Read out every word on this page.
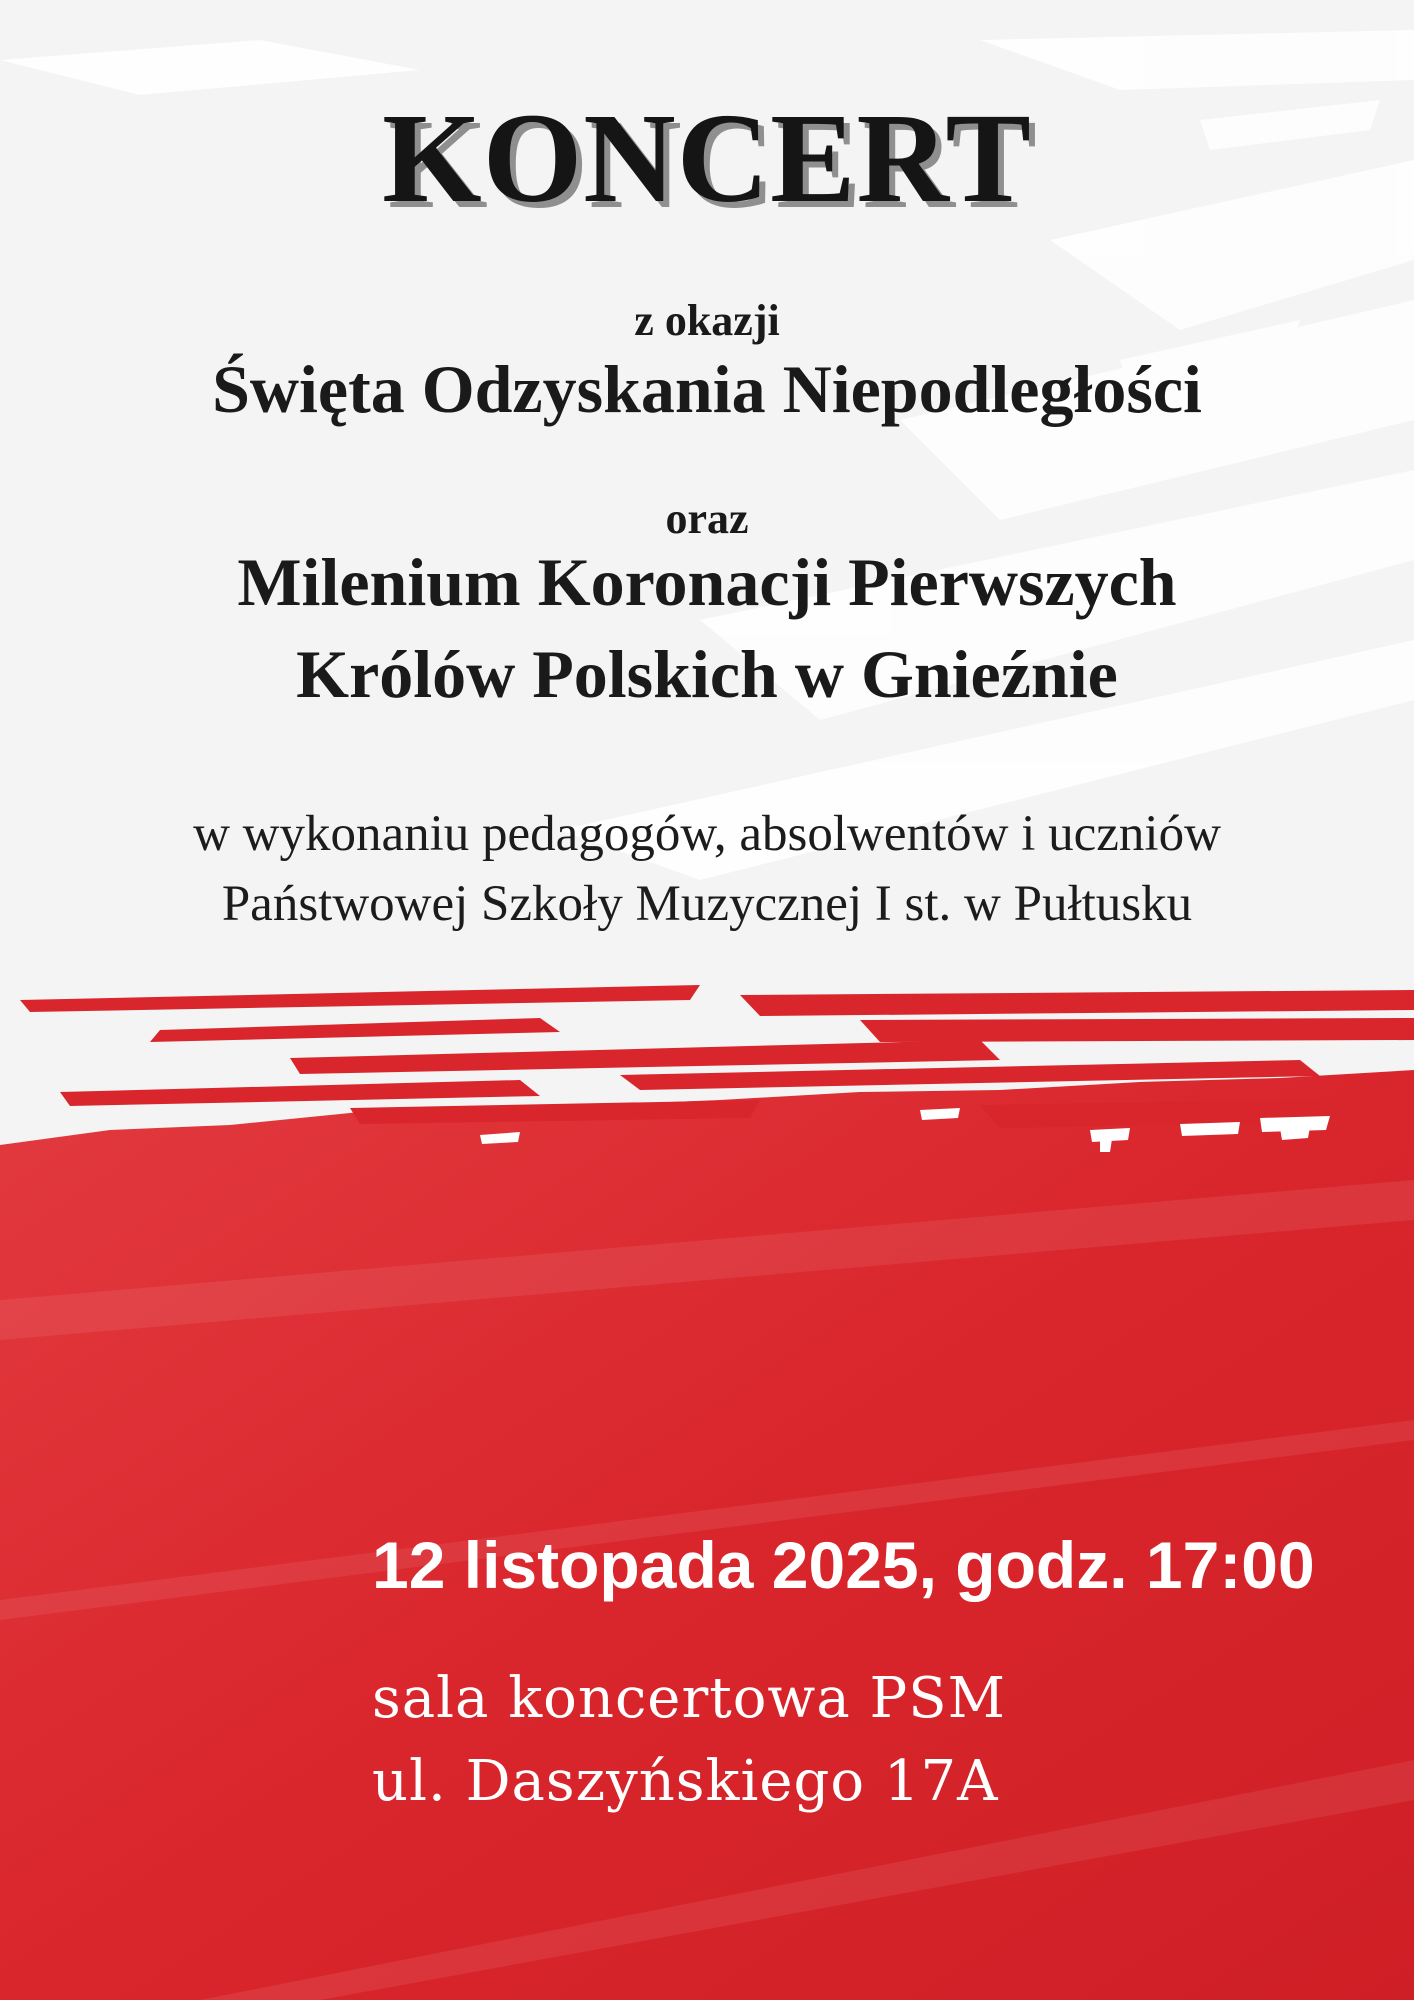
KONCERT

z okazji

Święta Odzyskania Niepodległości

oraz

Milenium Koronacji Pierwszych

Królów Polskich w Gnieźnie

w wykonaniu pedagogów, absolwentów i uczniów

Państwowej Szkoły Muzycznej I st. w Pułtusku

12 listopada 2025, godz. 17:00

sala koncertowa PSM

ul. Daszyńskiego 17A
